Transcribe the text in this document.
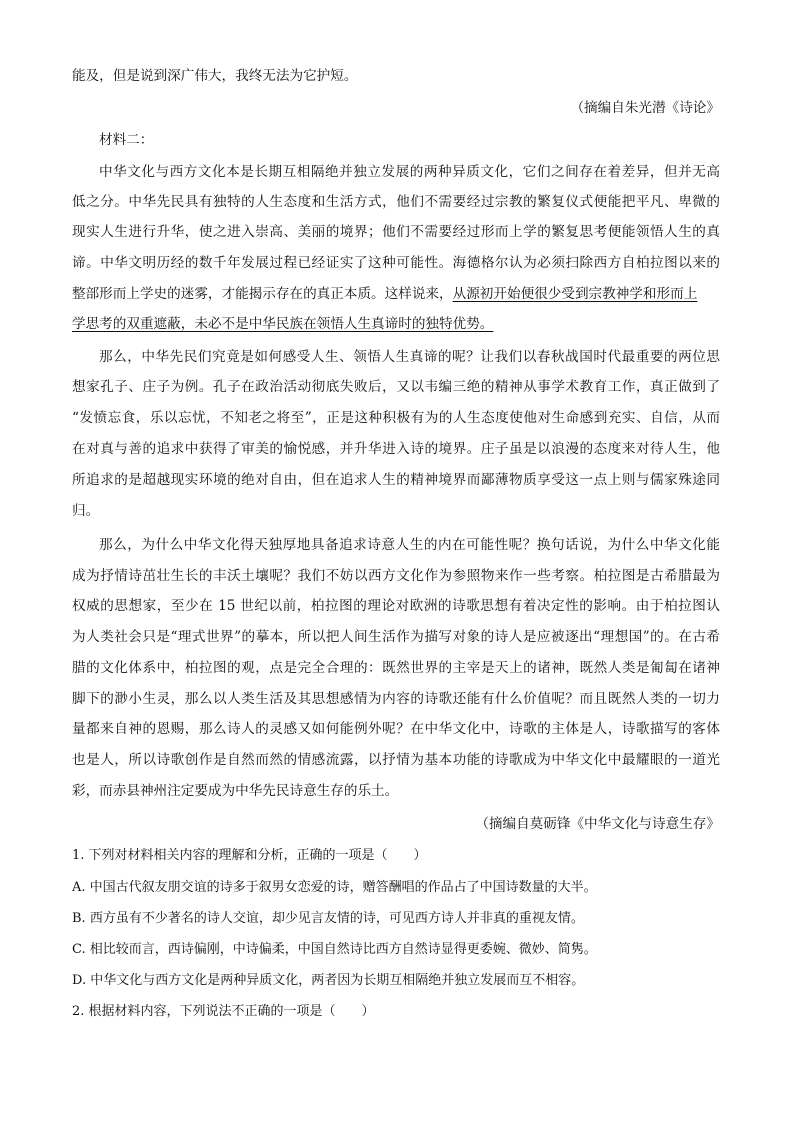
能及，但是说到深广伟大，我终无法为它护短。
（摘编自朱光潜《诗论》
材料二：
中华文化与西方文化本是长期互相隔绝并独立发展的两种异质文化，它们之间存在着差异，但并无高
低之分。中华先民具有独特的人生态度和生活方式，他们不需要经过宗教的繁复仪式便能把平凡、卑微的
现实人生进行升华，使之进入崇高、美丽的境界；他们不需要经过形而上学的繁复思考便能领悟人生的真
谛。中华文明历经的数千年发展过程已经证实了这种可能性。海德格尔认为必须扫除西方自柏拉图以来的
整部形而上学史的迷雾，才能揭示存在的真正本质。这样说来，从源初开始便很少受到宗教神学和形而上
学思考的双重遮蔽，未必不是中华民族在领悟人生真谛时的独特优势。
那么，中华先民们究竟是如何感受人生、领悟人生真谛的呢？让我们以春秋战国时代最重要的两位思
想家孔子、庄子为例。孔子在政治活动彻底失败后，又以韦编三绝的精神从事学术教育工作，真正做到了
“发愤忘食，乐以忘忧，不知老之将至”，正是这种积极有为的人生态度使他对生命感到充实、自信，从而
在对真与善的追求中获得了审美的愉悦感，并升华进入诗的境界。庄子虽是以浪漫的态度来对待人生，他
所追求的是超越现实环境的绝对自由，但在追求人生的精神境界而鄙薄物质享受这一点上则与儒家殊途同
归。
那么，为什么中华文化得天独厚地具备追求诗意人生的内在可能性呢？换句话说，为什么中华文化能
成为抒情诗茁壮生长的丰沃土壤呢？我们不妨以西方文化作为参照物来作一些考察。柏拉图是古希腊最为
权威的思想家，至少在 15 世纪以前，柏拉图的理论对欧洲的诗歌思想有着决定性的影响。由于柏拉图认
为人类社会只是“理式世界”的摹本，所以把人间生活作为描写对象的诗人是应被逐出“理想国”的。在古希
腊的文化体系中，柏拉图的观，点是完全合理的：既然世界的主宰是天上的诸神，既然人类是匍匐在诸神
脚下的渺小生灵，那么以人类生活及其思想感情为内容的诗歌还能有什么价值呢？而且既然人类的一切力
量都来自神的恩赐，那么诗人的灵感又如何能例外呢？在中华文化中，诗歌的主体是人，诗歌描写的客体
也是人，所以诗歌创作是自然而然的情感流露，以抒情为基本功能的诗歌成为中华文化中最耀眼的一道光
彩，而赤县神州注定要成为中华先民诗意生存的乐土。
（摘编自莫砺锋《中华文化与诗意生存》
1. 下列对材料相关内容的理解和分析，正确的一项是（　　）
A. 中国古代叙友朋交谊的诗多于叙男女恋爱的诗，赠答酬唱的作品占了中国诗数量的大半。
B. 西方虽有不少著名的诗人交谊，却少见言友情的诗，可见西方诗人并非真的重视友情。
C. 相比较而言，西诗偏刚，中诗偏柔，中国自然诗比西方自然诗显得更委婉、微妙、简隽。
D. 中华文化与西方文化是两种异质文化，两者因为长期互相隔绝并独立发展而互不相容。
2. 根据材料内容，下列说法不正确的一项是（　　）
